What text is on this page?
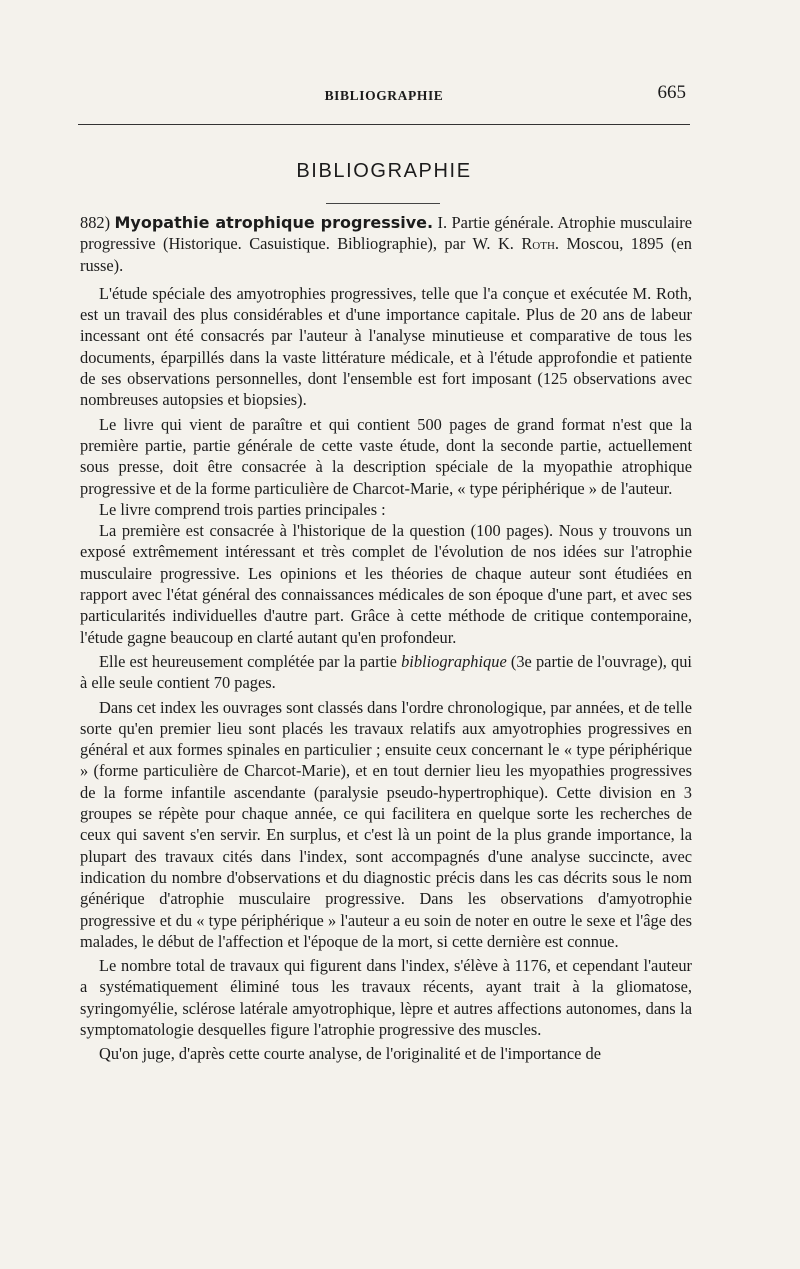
BIBLIOGRAPHIE	665
BIBLIOGRAPHIE

882) Myopathie atrophique progressive. I. Partie générale. Atrophie musculaire progressive (Historique. Casuistique. Bibliographie), par W. K. Roth. Moscou, 1895 (en russe).

L'étude spéciale des amyotrophies progressives, telle que l'a conçue et exécutée M. Roth, est un travail des plus considérables et d'une importance capitale. Plus de 20 ans de labeur incessant ont été consacrés par l'auteur à l'analyse minutieuse et comparative de tous les documents, éparpillés dans la vaste littérature médicale, et à l'étude approfondie et patiente de ses observations personnelles, dont l'ensemble est fort imposant (125 observations avec nombreuses autopsies et biopsies).

Le livre qui vient de paraître et qui contient 500 pages de grand format n'est que la première partie, partie générale de cette vaste étude, dont la seconde partie, actuellement sous presse, doit être consacrée à la description spéciale de la myopathie atrophique progressive et de la forme particulière de Charcot-Marie, « type périphérique » de l'auteur.

Le livre comprend trois parties principales :

La première est consacrée à l'historique de la question (100 pages). Nous y trouvons un exposé extrêmement intéressant et très complet de l'évolution de nos idées sur l'atrophie musculaire progressive. Les opinions et les théories de chaque auteur sont étudiées en rapport avec l'état général des connaissances médicales de son époque d'une part, et avec ses particularités individuelles d'autre part. Grâce à cette méthode de critique contemporaine, l'étude gagne beaucoup en clarté autant qu'en profondeur.

Elle est heureusement complétée par la partie bibliographique (3e partie de l'ouvrage), qui à elle seule contient 70 pages.

Dans cet index les ouvrages sont classés dans l'ordre chronologique, par années, et de telle sorte qu'en premier lieu sont placés les travaux relatifs aux amyotrophies progressives en général et aux formes spinales en particulier ; ensuite ceux concernant le « type périphérique » (forme particulière de Charcot-Marie), et en tout dernier lieu les myopathies progressives de la forme infantile ascendante (paralysie pseudo-hypertrophique). Cette division en 3 groupes se répète pour chaque année, ce qui facilitera en quelque sorte les recherches de ceux qui savent s'en servir. En surplus, et c'est là un point de la plus grande importance, la plupart des travaux cités dans l'index, sont accompagnés d'une analyse succincte, avec indication du nombre d'observations et du diagnostic précis dans les cas décrits sous le nom générique d'atrophie musculaire progressive. Dans les observations d'amyotrophie progressive et du « type périphérique » l'auteur a eu soin de noter en outre le sexe et l'âge des malades, le début de l'affection et l'époque de la mort, si cette dernière est connue.

Le nombre total de travaux qui figurent dans l'index, s'élève à 1176, et cependant l'auteur a systématiquement éliminé tous les travaux récents, ayant trait à la gliomatose, syringomyélie, sclérose latérale amyotrophique, lèpre et autres affections autonomes, dans la symptomatologie desquelles figure l'atrophie progressive des muscles.

Qu'on juge, d'après cette courte analyse, de l'originalité et de l'importance de
